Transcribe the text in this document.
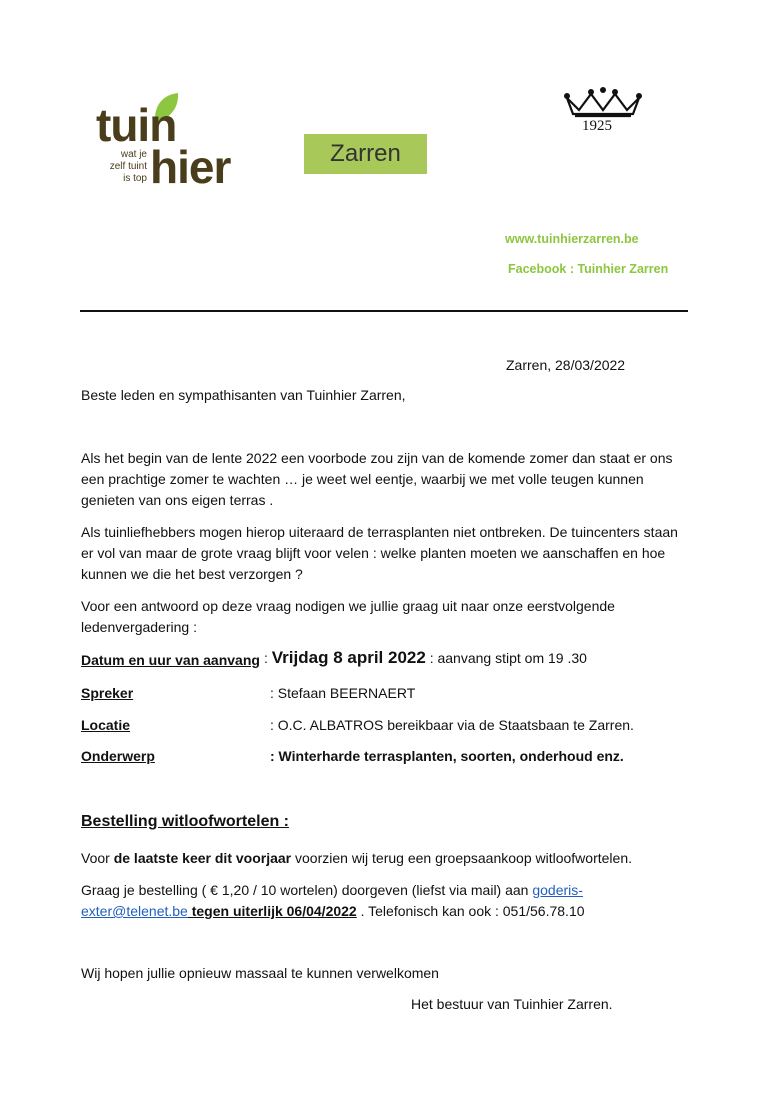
tuin
wat je
zelf tuint
is top hier	Zarren
1925
www.tuinhierzarren.be
Facebook : Tuinhier Zarren
Zarren, 28/03/2022
Beste leden en sympathisanten van Tuinhier Zarren,
Als het begin van de lente 2022 een voorbode zou zijn van de komende zomer dan staat er ons een prachtige zomer te wachten … je weet wel eentje, waarbij we met volle teugen kunnen genieten van ons eigen terras .
Als tuinliefhebbers mogen hierop uiteraard de terrasplanten niet ontbreken. De tuincenters staan er vol van maar de grote vraag blijft voor velen : welke planten moeten we aanschaffen en hoe kunnen we die het best verzorgen ?
Voor een antwoord op deze vraag nodigen we jullie graag uit naar onze eerstvolgende ledenvergadering :
Datum en uur van aanvang : Vrijdag 8 april 2022 : aanvang stipt om 19 .30
Spreker	: Stefaan BEERNAERT
Locatie	: O.C. ALBATROS bereikbaar via de Staatsbaan te Zarren.
Onderwerp	: Winterharde terrasplanten, soorten, onderhoud enz.
Bestelling witloofwortelen :
Voor de laatste keer dit voorjaar voorzien wij terug een groepsaankoop witloofwortelen.
Graag je bestelling ( € 1,20 / 10 wortelen) doorgeven (liefst via mail) aan goderis-
exter@telenet.be tegen uiterlijk 06/04/2022 . Telefonisch kan ook : 051/56.78.10
Wij hopen jullie opnieuw massaal te kunnen verwelkomen
Het bestuur van Tuinhier Zarren.
